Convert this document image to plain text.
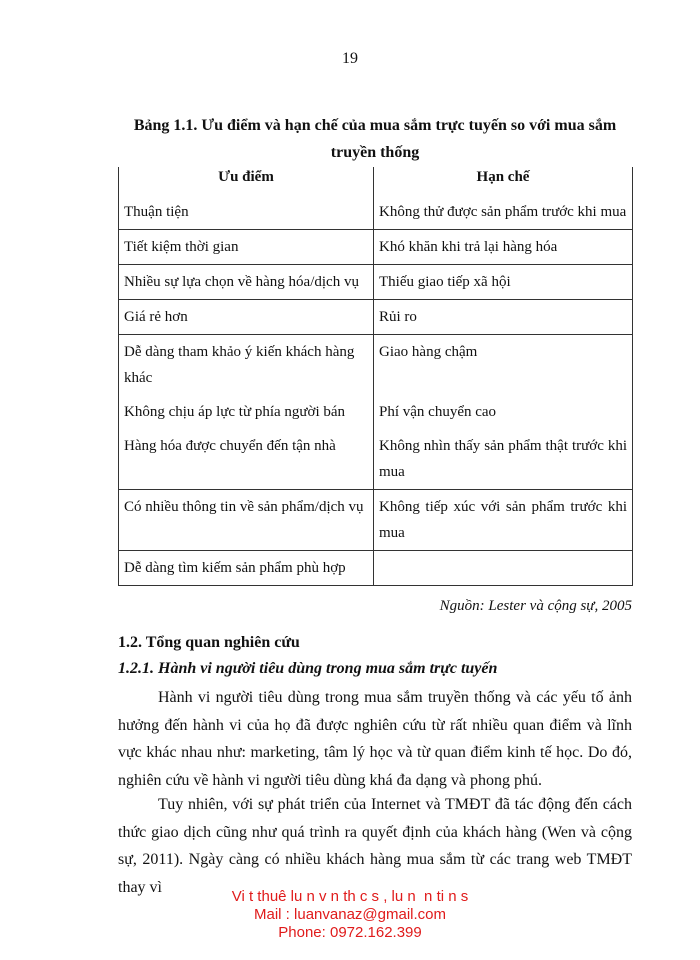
19
Bảng 1.1. Ưu điểm và hạn chế của mua sắm trực tuyến so với mua sắm
truyền thống
Ưu điểm	Hạn chế
Thuận tiện	Không thử được sản phẩm trước khi mua
Tiết kiệm thời gian	Khó khăn khi trả lại hàng hóa
Nhiều sự lựa chọn về hàng hóa/dịch vụ	Thiếu giao tiếp xã hội
Giá rẻ hơn	Rủi ro
Dễ dàng tham khảo ý kiến khách hàng khác	Giao hàng chậm
Không chịu áp lực từ phía người bán	Phí vận chuyển cao
Hàng hóa được chuyển đến tận nhà	Không nhìn thấy sản phẩm thật trước khi mua
Có nhiều thông tin về sản phẩm/dịch vụ	Không tiếp xúc với sản phẩm trước khi mua
Dễ dàng tìm kiếm sản phẩm phù hợp	
Nguồn: Lester và cộng sự, 2005
1.2. Tổng quan nghiên cứu
1.2.1. Hành vi người tiêu dùng trong mua sắm trực tuyến

Hành vi người tiêu dùng trong mua sắm truyền thống và các yếu tố ảnh hưởng đến hành vi của họ đã được nghiên cứu từ rất nhiều quan điểm và lĩnh vực khác nhau như: marketing, tâm lý học và từ quan điểm kinh tế học. Do đó, nghiên cứu về hành vi người tiêu dùng khá đa dạng và phong phú.

Tuy nhiên, với sự phát triển của Internet và TMĐT đã tác động đến cách thức giao dịch cũng như quá trình ra quyết định của khách hàng (Wen và cộng sự, 2011). Ngày càng có nhiều khách hàng mua sắm từ các trang web TMĐT thay vì

Vi t thuê lu n v n th c s , lu n  n ti n s
Mail : luanvanaz@gmail.com
Phone: 0972.162.399
